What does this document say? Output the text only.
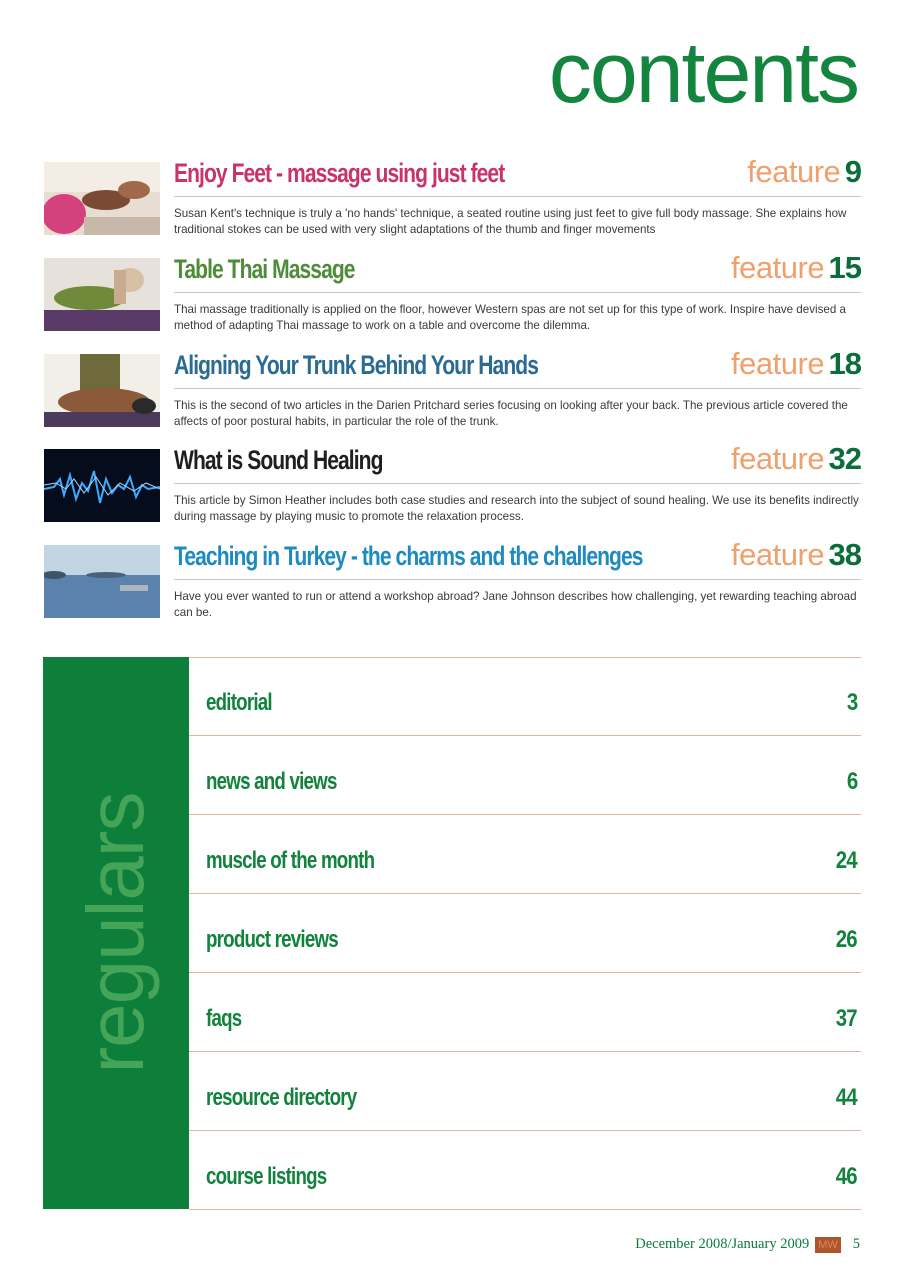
contents
Enjoy Feet - massage using just feet	feature 9
Susan Kent's technique is truly a 'no hands' technique, a seated routine using just feet to give full body massage. She explains how traditional stokes can be used with very slight adaptations of the thumb and finger movements
Table Thai Massage	feature 15
Thai massage traditionally is applied on the floor, however Western spas are not set up for this type of work. Inspire have devised a method of adapting Thai massage to work on a table and overcome the dilemma.
Aligning Your Trunk Behind Your Hands	feature 18
This is the second of two articles in the Darien Pritchard series focusing on looking after your back. The previous article covered the affects of poor postural habits, in particular the role of the trunk.
What is Sound Healing	feature 32
This article by Simon Heather includes both case studies and research into the subject of sound healing. We use its benefits indirectly during massage by playing music to promote the relaxation process.
Teaching in Turkey - the charms and the challenges	feature 38
Have you ever wanted to run or attend a workshop abroad? Jane Johnson describes how challenging, yet rewarding teaching abroad can be.
regulars
editorial	3
news and views	6
muscle of the month	24
product reviews	26
faqs	37
resource directory	44
course listings	46
December 2008/January 2009 MW 5
